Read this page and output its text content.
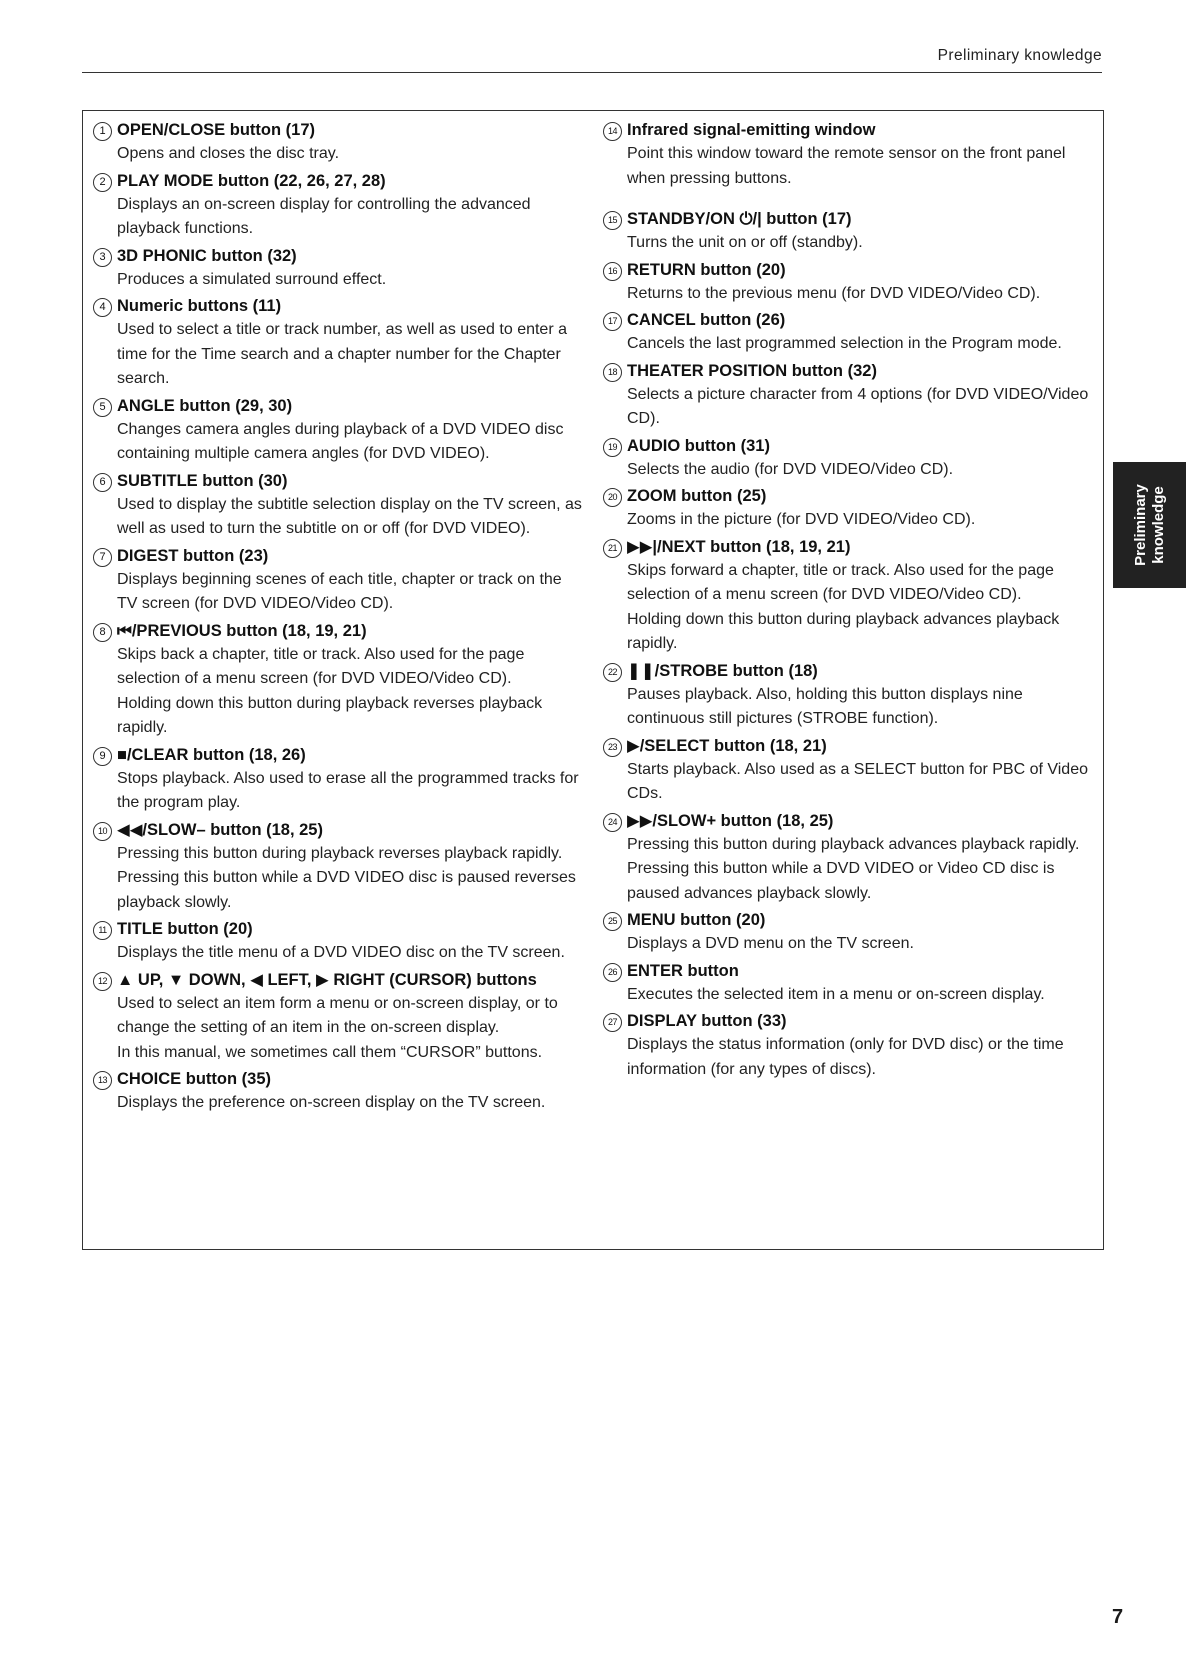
Preliminary knowledge
1 OPEN/CLOSE button (17)
Opens and closes the disc tray.
2 PLAY MODE button (22, 26, 27, 28)
Displays an on-screen display for controlling the advanced playback functions.
3 3D PHONIC button (32)
Produces a simulated surround effect.
4 Numeric buttons (11)
Used to select a title or track number, as well as used to enter a time for the Time search and a chapter number for the Chapter search.
5 ANGLE button (29, 30)
Changes camera angles during playback of a DVD VIDEO disc containing multiple camera angles (for DVD VIDEO).
6 SUBTITLE button (30)
Used to display the subtitle selection display on the TV screen, as well as used to turn the subtitle on or off (for DVD VIDEO).
7 DIGEST button (23)
Displays beginning scenes of each title, chapter or track on the TV screen (for DVD VIDEO/Video CD).
8 ⏮/PREVIOUS button (18, 19, 21)
Skips back a chapter, title or track. Also used for the page selection of a menu screen (for DVD VIDEO/Video CD).
Holding down this button during playback reverses playback rapidly.
9 ■/CLEAR button (18, 26)
Stops playback. Also used to erase all the programmed tracks for the program play.
10 ◀◀/SLOW– button (18, 25)
Pressing this button during playback reverses playback rapidly.
Pressing this button while a DVD VIDEO disc is paused reverses playback slowly.
11 TITLE button (20)
Displays the title menu of a DVD VIDEO disc on the TV screen.
12 ▲ UP, ▼ DOWN, ◀ LEFT, ▶ RIGHT (CURSOR) buttons
Used to select an item form a menu or on-screen display, or to change the setting of an item in the on-screen display.
In this manual, we sometimes call them “CURSOR” buttons.
13 CHOICE button (35)
Displays the preference on-screen display on the TV screen.
14 Infrared signal-emitting window
Point this window toward the remote sensor on the front panel when pressing buttons.
15 STANDBY/ON ⏻/| button (17)
Turns the unit on or off (standby).
16 RETURN button (20)
Returns to the previous menu (for DVD VIDEO/Video CD).
17 CANCEL button (26)
Cancels the last programmed selection in the Program mode.
18 THEATER POSITION button (32)
Selects a picture character from 4 options (for DVD VIDEO/Video CD).
19 AUDIO button (31)
Selects the audio (for DVD VIDEO/Video CD).
20 ZOOM button (25)
Zooms in the picture (for DVD VIDEO/Video CD).
21 ▶▶|/NEXT button (18, 19, 21)
Skips forward a chapter, title or track. Also used for the page selection of a menu screen (for DVD VIDEO/Video CD).
Holding down this button during playback advances playback rapidly.
22 ❚❚/STROBE button (18)
Pauses playback. Also, holding this button displays nine continuous still pictures (STROBE function).
23 ▶/SELECT button (18, 21)
Starts playback. Also used as a SELECT button for PBC of Video CDs.
24 ▶▶/SLOW+ button (18, 25)
Pressing this button during playback advances playback rapidly.
Pressing this button while a DVD VIDEO or Video CD disc is paused advances playback slowly.
25 MENU button (20)
Displays a DVD menu on the TV screen.
26 ENTER button
Executes the selected item in a menu or on-screen display.
27 DISPLAY button (33)
Displays the status information (only for DVD disc) or the time information (for any types of discs).
Preliminary
knowledge
7
